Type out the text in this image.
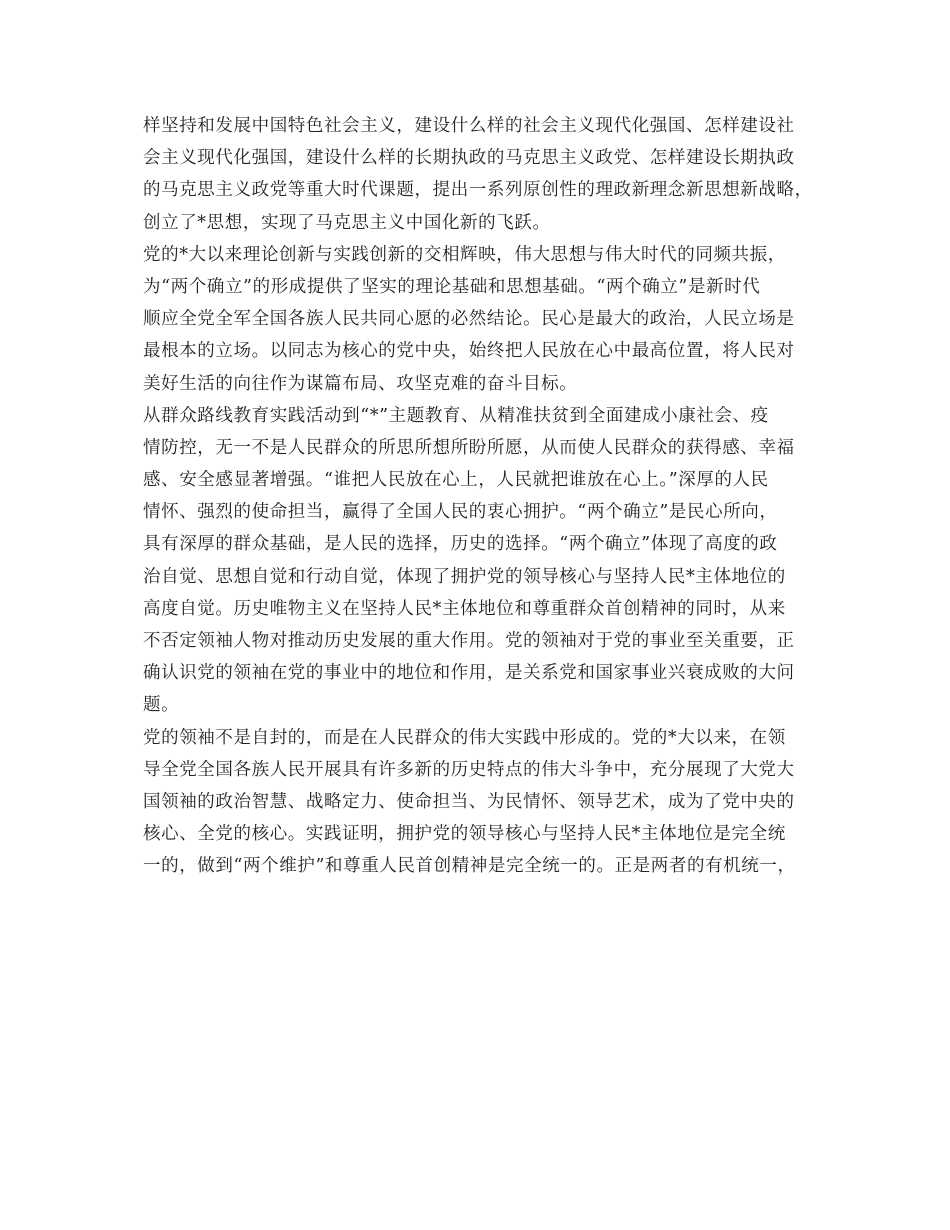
样坚持和发展中国特色社会主义，建设什么样的社会主义现代化强国、怎样建设社
会主义现代化强国，建设什么样的长期执政的马克思主义政党、怎样建设长期执政
的马克思主义政党等重大时代课题，提出一系列原创性的理政新理念新思想新战略，
创立了*思想，实现了马克思主义中国化新的飞跃。
党的*大以来理论创新与实践创新的交相辉映，伟大思想与伟大时代的同频共振，
为“两个确立”的形成提供了坚实的理论基础和思想基础。“两个确立”是新时代
顺应全党全军全国各族人民共同心愿的必然结论。民心是最大的政治，人民立场是
最根本的立场。以同志为核心的党中央，始终把人民放在心中最高位置，将人民对
美好生活的向往作为谋篇布局、攻坚克难的奋斗目标。
从群众路线教育实践活动到“*”主题教育、从精准扶贫到全面建成小康社会、疫
情防控，无一不是人民群众的所思所想所盼所愿，从而使人民群众的获得感、幸福
感、安全感显著增强。“谁把人民放在心上，人民就把谁放在心上。”深厚的人民
情怀、强烈的使命担当，赢得了全国人民的衷心拥护。“两个确立”是民心所向，
具有深厚的群众基础，是人民的选择，历史的选择。“两个确立”体现了高度的政
治自觉、思想自觉和行动自觉，体现了拥护党的领导核心与坚持人民*主体地位的
高度自觉。历史唯物主义在坚持人民*主体地位和尊重群众首创精神的同时，从来
不否定领袖人物对推动历史发展的重大作用。党的领袖对于党的事业至关重要，正
确认识党的领袖在党的事业中的地位和作用，是关系党和国家事业兴衰成败的大问
题。
党的领袖不是自封的，而是在人民群众的伟大实践中形成的。党的*大以来，在领
导全党全国各族人民开展具有许多新的历史特点的伟大斗争中，充分展现了大党大
国领袖的政治智慧、战略定力、使命担当、为民情怀、领导艺术，成为了党中央的
核心、全党的核心。实践证明，拥护党的领导核心与坚持人民*主体地位是完全统
一的，做到“两个维护”和尊重人民首创精神是完全统一的。正是两者的有机统一，
